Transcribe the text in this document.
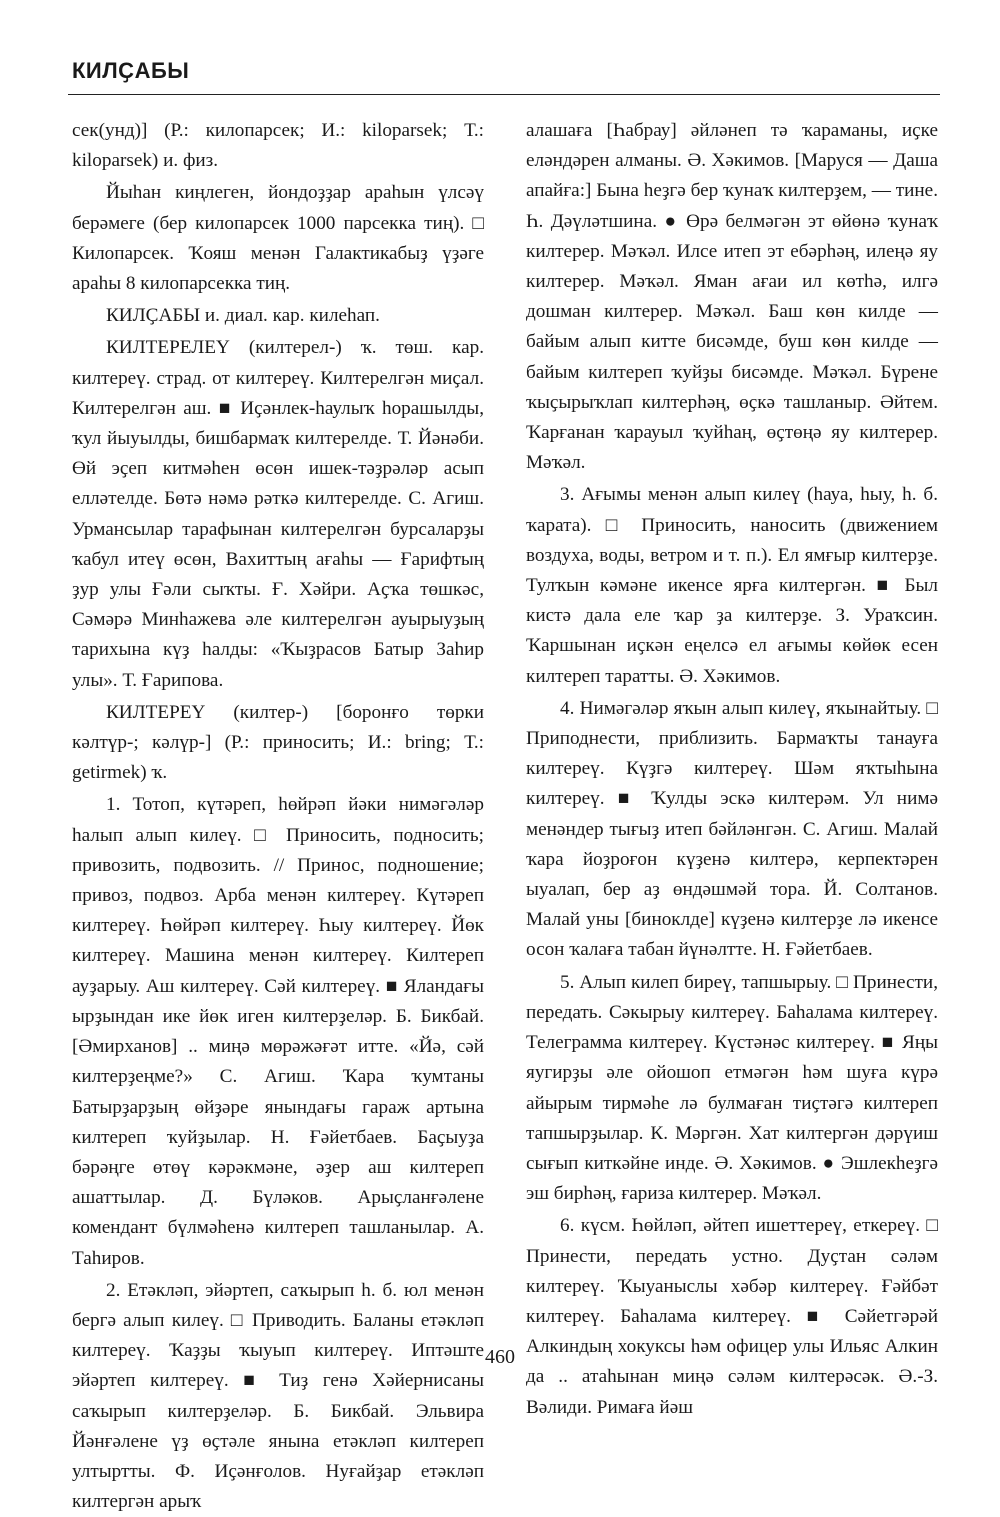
КИЛҪАБЫ

сек(унд)] (Р.: килопарсек; И.: kiloparsek; Т.: kiloparsek) и. физ.

Йыһан киңлеген, йондоҙҙар араһын үлсәү берәмеге (бер килопарсек 1000 парсекка тиң). □ Килопарсек. Ҡояш менән Галактикабыҙ үҙәге араһы 8 килопарсекка тиң.

КИЛҪАБЫ и. диал. кар. килеһап.

КИЛТЕРЕЛЕҮ (килтерел-) ҡ. төш. кар. килтереү. страд. от килтереү. Килтерелгән миҫал. Килтерелгән аш. ■ Иҫәнлек-һаулыҡ һорашылды, ҡул йыуылды, бишбармаҡ килтерелде. Т. Йәнәби. Өй эҫеп китмәһен өсөн ишек-тәҙрәләр асып елләтелде. Бөтә нәмә рәткә килтерелде. С. Агиш. Урмансылар тарафынан килтерелгән бурсаларҙы ҡабул итеү өсөн, Вахиттың ағаһы — Ғарифтың ҙур улы Ғәли сыҡты. Ғ. Хәйри. Аҫҡа төшкәс, Сәмәрә Минһажева әле килтерелгән ауырыуҙың тарихына күҙ һалды: «Ҡыҙрасов Батыр Заһир улы». Т. Ғарипова.

КИЛТЕРЕҮ (килтер-) [боронғо төрки кәлтүр-; кәлүр-] (Р.: приносить; И.: bring; Т.: getirmek) ҡ.

1. Тотоп, күтәреп, һөйрәп йәки нимәгәләр һалып алып килеү. □ Приносить, подносить; привозить, подвозить. // Принос, подношение; привоз, подвоз. Арба менән килтереү. Күтәреп килтереү. Һөйрәп килтереү. Һыу килтереү. Йөк килтереү. Машина менән килтереү. Килтереп ауҙарыу. Аш килтереү. Сәй килтереү. ■ Яландағы ырҙындан ике йөк иген килтерҙеләр. Б. Бикбай. [Әмирханов] .. миңә мөрәжәғәт итте. «Йә, сәй килтерҙеңме?» С. Агиш. Ҡара ҡумтаны Батырҙарҙың өйҙәре янындағы гараж артына килтереп ҡуйҙылар. Н. Ғәйетбаев. Баҫыуҙа бәрәңге өтөү кәрәкмәне, әҙер аш килтереп ашаттылар. Д. Бүләков. Арыҫланғәлене комендант бүлмәһенә килтереп ташланылар. А. Таһиров.

2. Етәкләп, эйәртеп, саҡырып һ. б. юл менән бергә алып килеү. □ Приводить. Баланы етәкләп килтереү. Ҡаҙҙы ҡыуып килтереү. Иптәште эйәртеп килтереү. ■ Тиҙ генә Хәйернисаны саҡырып килтерҙеләр. Б. Бикбай. Эльвира Йәнғәлене үҙ өҫтәле янына етәкләп килтереп ултыртты. Ф. Иҫәнғолов. Нуғайҙар етәкләп килтергән арыҡ

алашаға [Һабрау] әйләнеп тә ҡараманы, иҫке еләндәрен алманы. Ә. Хәкимов. [Маруся — Даша апайға:] Бына һеҙгә бер ҡунаҡ килтерҙем, — тине. Һ. Дәүләтшина. ● Өрә белмәгән эт өйөнә ҡунаҡ килтерер. Мәҡәл. Илсе итеп эт ебәрһәң, илеңә яу килтерер. Мәҡәл. Яман ағаи ил көтһә, илгә дошман килтерер. Мәҡәл. Баш көн килде — байым алып китте бисәмде, буш көн килде — байым килтереп ҡуйҙы бисәмде. Мәҡәл. Бүрене ҡыҫырыҡлап килтерһәң, өҫкә ташланыр. Әйтем. Ҡарғанан ҡарауыл ҡуйһаң, өҫтөңә яу килтерер. Мәҡәл.

3. Ағымы менән алып килеү (һауа, һыу, һ. б. ҡарата). □ Приносить, наносить (движением воздуха, воды, ветром и т. п.). Ел ямғыр килтерҙе. Тулҡын кәмәне икенсе ярға килтергән. ■ Был кистә дала еле ҡар ҙа килтерҙе. З. Ураҡсин. Ҡаршынан иҫкән еңелсә ел ағымы көйөк есен килтереп таратты. Ә. Хәкимов.

4. Нимәгәләр яҡын алып килеү, яҡынайтыу. □ Приподнести, приблизить. Бармаҡты танауға килтереү. Күҙгә килтереү. Шәм яҡтыһына килтереү. ■ Ҡулды эскә килтерәм. Ул нимә менәндер тығыҙ итеп бәйләнгән. С. Агиш. Малай ҡара йоҙроғон күҙенә килтерә, керпектәрен ыуалап, бер аҙ өндәшмәй тора. Й. Солтанов. Малай уны [биноклде] күҙенә килтерҙе лә икенсе осон ҡалаға табан йүнәлтте. Н. Ғәйетбаев.

5. Алып килеп биреү, тапшырыу. □ Принести, передать. Сәкырыу килтереү. Баһалама килтереү. Телеграмма килтереү. Күстәнәс килтереү. ■ Яңы яугирҙы әле ойошоп етмәгән һәм шуға күрә айырым тирмәһе лә булмаған тиҫтәгә килтереп тапшырҙылар. К. Мәргән. Хат килтергән дәрүиш сығып киткәйне инде. Ә. Хәкимов. ● Эшлекһеҙгә эш бирһәң, ғариза килтерер. Мәҡәл.

6. күсм. Һөйләп, әйтеп ишеттереү, еткереү. □ Принести, передать устно. Дуҫтан сәләм килтереү. Ҡыуаныслы хәбәр килтереү. Ғәйбәт килтереү. Баһалама килтереү. ■ Сәйетгәрәй Алкиндың хокуксы һәм офицер улы Ильяс Алкин да .. атаһынан миңә сәләм килтерәсәк. Ә.-З. Вәлиди. Римаға йәш

460
